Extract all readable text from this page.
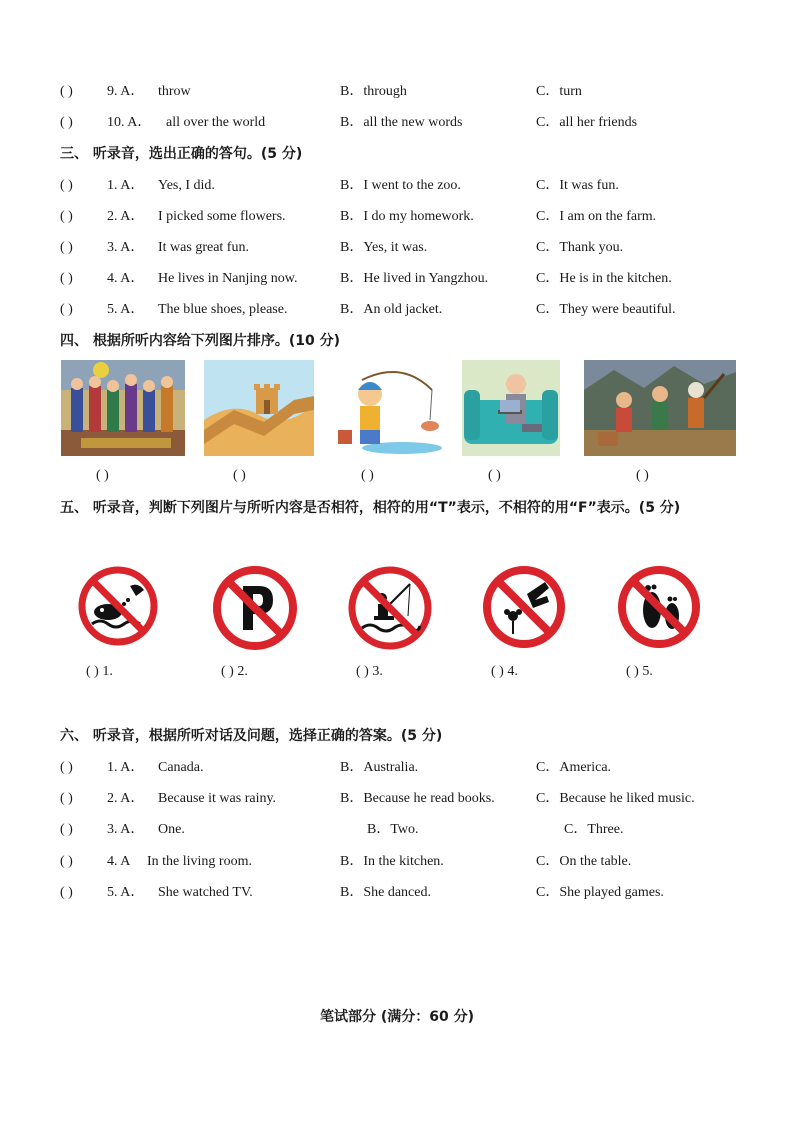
( ) 9. A． throw	B．through	C．turn
( ) 10. A． all over the world	B．all the new words	C．all her friends
三、 听录音，选出正确的答句。(5 分)
( ) 1. A． Yes, I did.	B．I went to the zoo.	C．It was fun.
( ) 2. A． I picked some flowers.	B．I do my homework.	C．I am on the farm.
( ) 3. A． It was great fun.	B．Yes, it was.	C．Thank you.
( ) 4. A． He lives in Nanjing now.	B．He lived in Yangzhou.	C．He is in the kitchen.
( ) 5. A． The blue shoes, please.	B．An old jacket.	C．They were beautiful.
四、 根据所听内容给下列图片排序。(10 分)
( )	( )	( )	( )	( )
五、 听录音，判断下列图片与所听内容是否相符，相符的用“T”表示，不相符的用“F”表示。(5 分)
( ) 1.	( ) 2.	( ) 3.	( ) 4.	( ) 5.
六、 听录音，根据所听对话及问题，选择正确的答案。(5 分)
( ) 1. A． Canada.	B．Australia.	C．America.
( ) 2. A． Because it was rainy.	B．Because he read books.	C．Because he liked music.
( ) 3. A． One.	B．Two.	C．Three.
( ) 4. A In the living room.	B．In the kitchen.	C．On the table.
( ) 5. A． She watched TV.	B．She danced.	C．She played games.
笔试部分 (满分：60 分)
